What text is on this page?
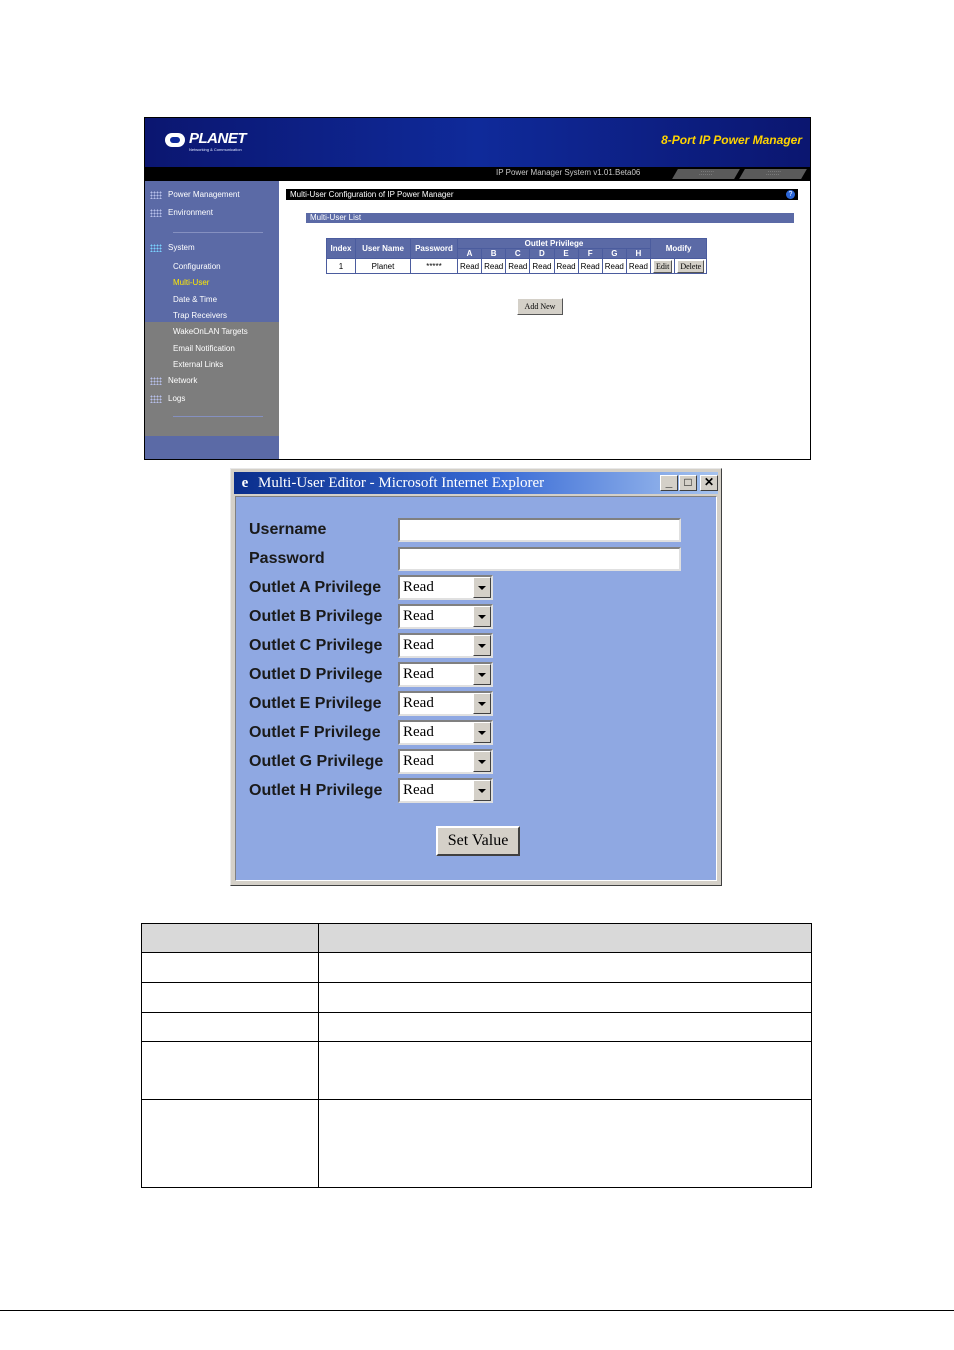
PLANET
Networking & Communication
8-Port IP Power Manager
IP Power Manager System v1.01.Beta06	:::::::	:::::::
Power Management
Environment
System
Configuration
Multi-User
Date & Time
Trap Receivers
WakeOnLAN Targets
Email Notification
External Links
Network
Logs
Multi-User Configuration of IP Power Manager	?
Multi-User List
Index	User Name	Password	Outlet Privilege								Modify	
			A	B	C	D	E	F	G	H		
1	Planet	*****	Read	Read	Read	Read	Read	Read	Read	Read	Edit	Delete
Add New
e Multi-User Editor - Microsoft Internet Explorer	_	□	✕
Username
Password
Outlet A Privilege Read
Outlet B Privilege Read
Outlet C Privilege Read
Outlet D Privilege Read
Outlet E Privilege Read
Outlet F Privilege Read
Outlet G Privilege Read
Outlet H Privilege Read
Set Value
